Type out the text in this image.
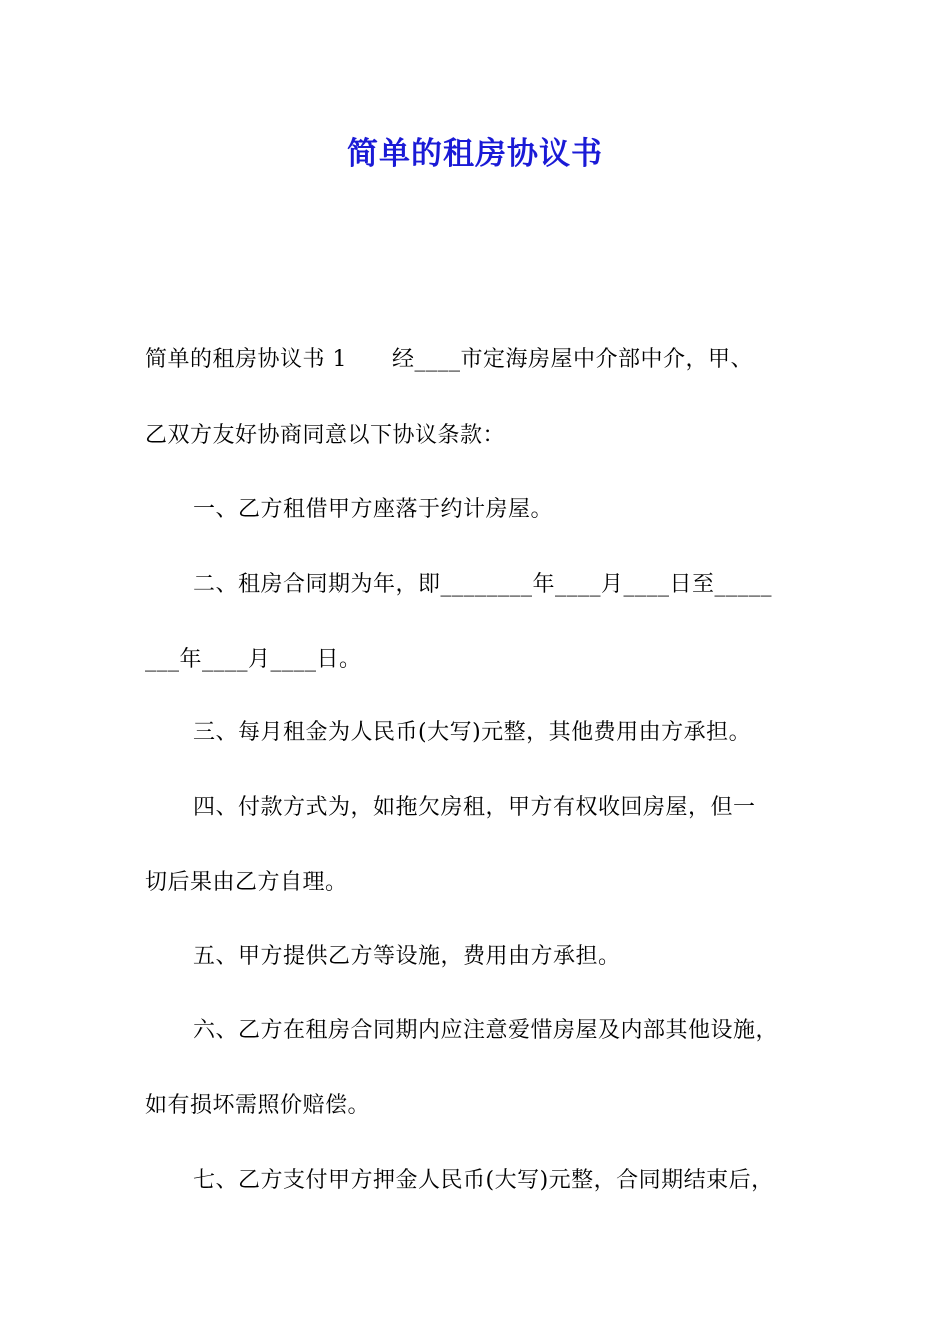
简单的租房协议书
简单的租房协议书 1　　经____市定海房屋中介部中介，甲、
乙双方友好协商同意以下协议条款：
一、乙方租借甲方座落于约计房屋。
二、租房合同期为年，即________年____月____日至_____
___年____月____日。
三、每月租金为人民币(大写)元整，其他费用由方承担。
四、付款方式为，如拖欠房租，甲方有权收回房屋，但一
切后果由乙方自理。
五、甲方提供乙方等设施，费用由方承担。
六、乙方在租房合同期内应注意爱惜房屋及内部其他设施，
如有损坏需照价赔偿。
七、乙方支付甲方押金人民币(大写)元整，合同期结束后，
